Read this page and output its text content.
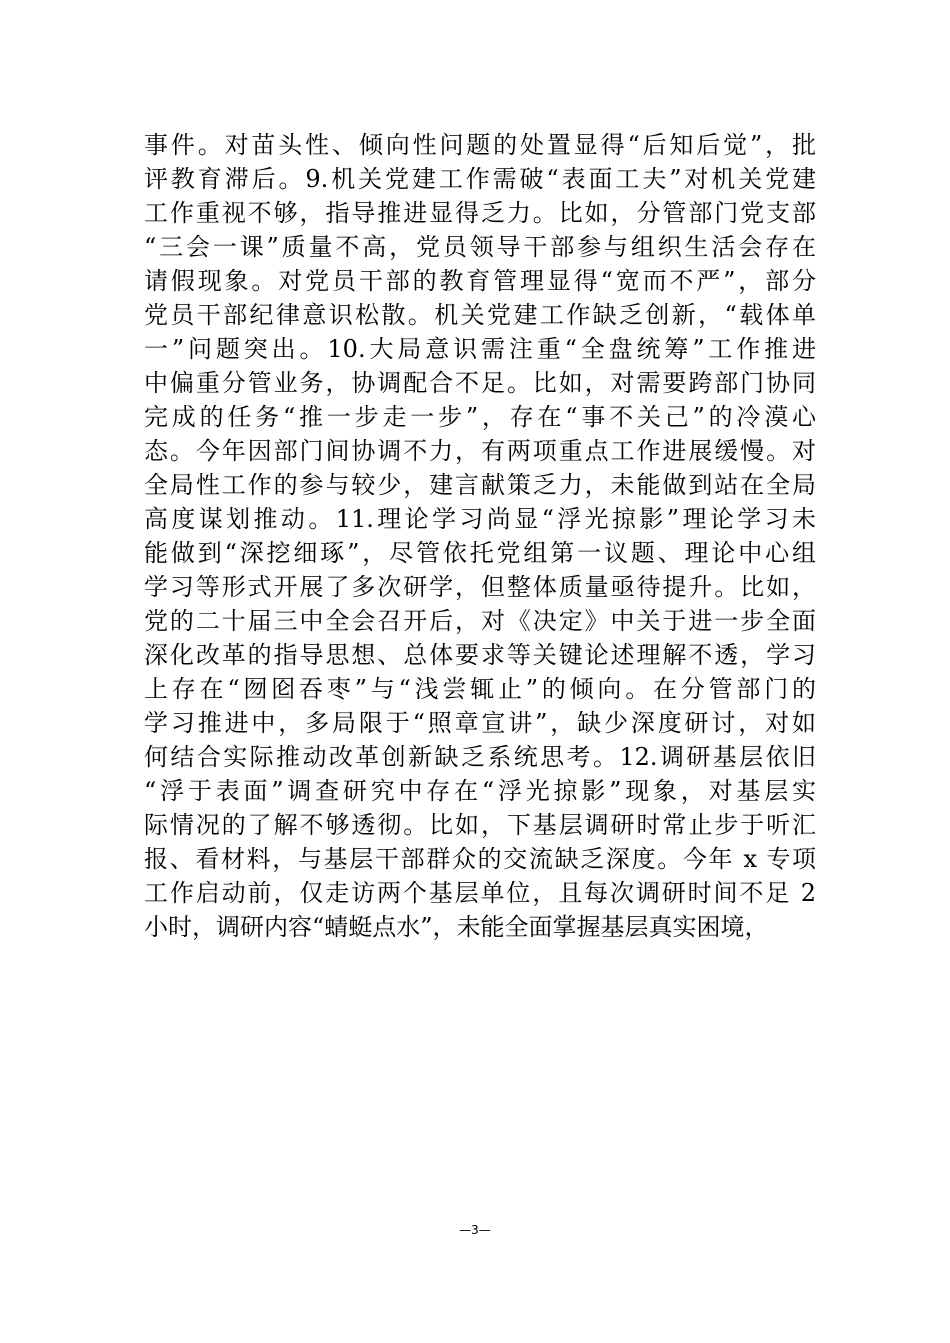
事件。对苗头性、倾向性问题的处置显得“后知后觉”，批
评教育滞后。9.机关党建工作需破“表面工夫”对机关党建
工作重视不够，指导推进显得乏力。比如，分管部门党支部
“三会一课”质量不高，党员领导干部参与组织生活会存在
请假现象。对党员干部的教育管理显得“宽而不严”，部分
党员干部纪律意识松散。机关党建工作缺乏创新，“载体单
一”问题突出。10.大局意识需注重“全盘统筹”工作推进
中偏重分管业务，协调配合不足。比如，对需要跨部门协同
完成的任务“推一步走一步”，存在“事不关己”的冷漠心
态。今年因部门间协调不力，有两项重点工作进展缓慢。对
全局性工作的参与较少，建言献策乏力，未能做到站在全局
高度谋划推动。11.理论学习尚显“浮光掠影”理论学习未
能做到“深挖细琢”，尽管依托党组第一议题、理论中心组
学习等形式开展了多次研学，但整体质量亟待提升。比如，
党的二十届三中全会召开后，对《决定》中关于进一步全面
深化改革的指导思想、总体要求等关键论述理解不透，学习
上存在“囫囵吞枣”与“浅尝辄止”的倾向。在分管部门的
学习推进中，多局限于“照章宣讲”，缺少深度研讨，对如
何结合实际推动改革创新缺乏系统思考。12.调研基层依旧
“浮于表面”调查研究中存在“浮光掠影”现象，对基层实
际情况的了解不够透彻。比如，下基层调研时常止步于听汇
报、看材料，与基层干部群众的交流缺乏深度。今年 x 专项
工作启动前，仅走访两个基层单位，且每次调研时间不足 2
小时，调研内容“蜻蜓点水”，未能全面掌握基层真实困境，
—3—
